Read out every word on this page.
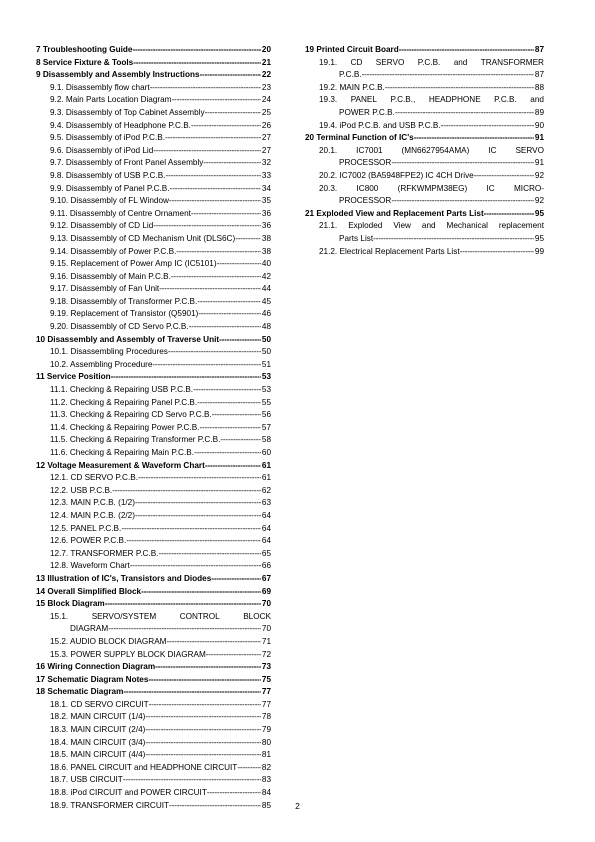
7 Troubleshooting Guide -----	20
8 Service Fixture & Tools -----	21
9 Disassembly and Assembly Instructions -----	22
9.1. Disassembly flow chart -----	23
9.2. Main Parts Location Diagram -----	24
9.3. Disassembly of Top Cabinet Assembly -----	25
9.4. Disassembly of Headphone P.C.B. -----	26
9.5. Disassembly of iPod P.C.B. -----	27
9.6. Disassembly of iPod Lid -----	27
9.7. Disassembly of Front Panel Assembly -----	32
9.8. Disassembly of USB P.C.B. -----	33
9.9. Disassembly of Panel P.C.B. -----	34
9.10. Disassembly of FL Window -----	35
9.11. Disassembly of Centre Ornament -----	36
9.12. Disassembly of CD Lid -----	36
9.13. Disassembly of CD Mechanism Unit (DLS6C) -----	38
9.14. Disassembly of Power P.C.B. -----	38
9.15. Replacement of Power Amp IC (IC5101) -----	40
9.16. Disassembly of Main P.C.B. -----	42
9.17. Disassembly of Fan Unit -----	44
9.18. Disassembly of Transformer P.C.B. -----	45
9.19. Replacement of Transistor (Q5901) -----	46
9.20. Disassembly of CD Servo P.C.B. -----	48
10 Disassembly and Assembly of Traverse Unit -----	50
10.1. Disassembling Procedures -----	50
10.2. Assembling Procedure -----	51
11 Service Position -----	53
11.1. Checking & Repairing USB P.C.B. -----	53
11.2. Checking & Repairing Panel P.C.B. -----	55
11.3. Checking & Repairing CD Servo P.C.B. -----	56
11.4. Checking & Repairing Power P.C.B. -----	57
11.5. Checking & Repairing Transformer P.C.B. -----	58
11.6. Checking & Repairing Main P.C.B. -----	60
12 Voltage Measurement & Waveform Chart -----	61
12.1. CD SERVO P.C.B. -----	61
12.2. USB P.C.B. -----	62
12.3. MAIN P.C.B. (1/2) -----	63
12.4. MAIN P.C.B. (2/2) -----	64
12.5. PANEL P.C.B. -----	64
12.6. POWER P.C.B. -----	64
12.7. TRANSFORMER P.C.B. -----	65
12.8. Waveform Chart -----	66
13 Illustration of IC's, Transistors and Diodes -----	67
14 Overall Simplified Block -----	69
15 Block Diagram -----	70
15.1.	SERVO/SYSTEM	CONTROL	BLOCK
DIAGRAM -----	70
15.2. AUDIO BLOCK DIAGRAM -----	71
15.3. POWER SUPPLY BLOCK DIAGRAM -----	72
16 Wiring Connection Diagram -----	73
17 Schematic Diagram Notes -----	75
18 Schematic Diagram -----	77
18.1. CD SERVO CIRCUIT -----	77
18.2. MAIN CIRCUIT (1/4) -----	78
18.3. MAIN CIRCUIT (2/4) -----	79
18.4. MAIN CIRCUIT (3/4) -----	80
18.5. MAIN CIRCUIT (4/4) -----	81
18.6. PANEL CIRCUIT and HEADPHONE CIRCUIT -----	82
18.7. USB CIRCUIT -----	83
18.8. iPod CIRCUIT and POWER CIRCUIT -----	84
18.9. TRANSFORMER CIRCUIT -----	85
19 Printed Circuit Board -----	87
19.1. CD SERVO P.C.B. and TRANSFORMER
P.C.B. -----	87
19.2. MAIN P.C.B. -----	88
19.3. PANEL P.C.B., HEADPHONE P.C.B. and
POWER P.C.B. -----	89
19.4. iPod P.C.B. and USB P.C.B. -----	90
20 Terminal Function of IC's -----	91
20.1. IC7001 (MN6627954AMA) IC SERVO
PROCESSOR -----	91
20.2. IC7002 (BA5948FPE2) IC 4CH Drive -----	92
20.3. IC800 (RFKWMPM38EG) IC MICRO-
PROCESSOR -----	92
21 Exploded View and Replacement Parts List -----	95
21.1. Exploded View and Mechanical replacement
Parts List -----	95
21.2. Electrical Replacement Parts List -----	99
2
